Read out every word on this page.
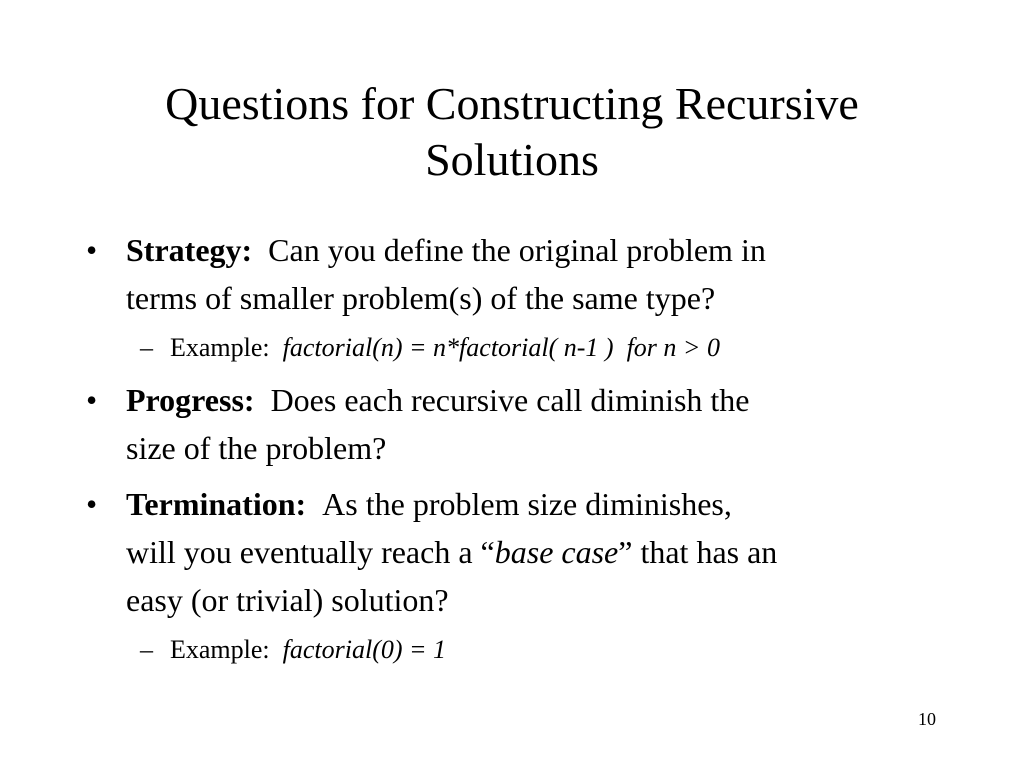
Questions for Constructing Recursive
Solutions
• Strategy: Can you define the original problem in
terms of smaller problem(s) of the same type?
– Example: factorial(n) = n*factorial( n-1 )  for n > 0
• Progress: Does each recursive call diminish the
size of the problem?
• Termination: As the problem size diminishes,
will you eventually reach a “base case” that has an
easy (or trivial) solution?
– Example: factorial(0) = 1
10
